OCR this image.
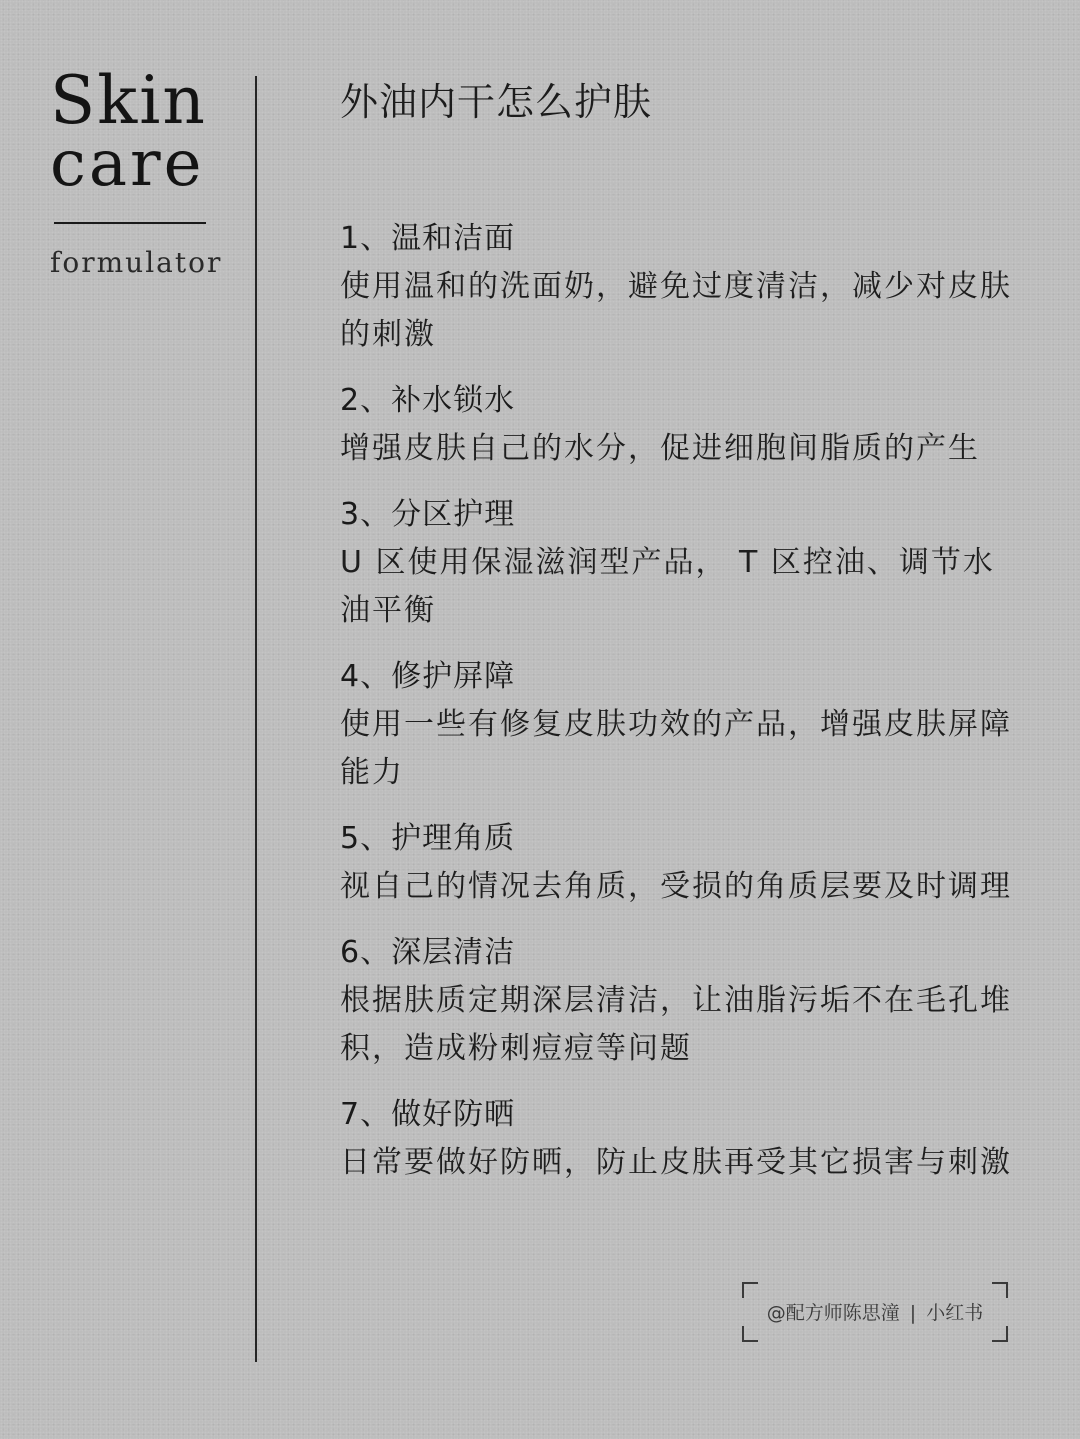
Skin
care
formulator
外油内干怎么护肤
1、温和洁面
使用温和的洗面奶，避免过度清洁，减少对皮肤的刺激
2、补水锁水
增强皮肤自己的水分，促进细胞间脂质的产生
3、分区护理
U 区使用保湿滋润型产品， T 区控油、调节水油平衡
4、修护屏障
使用一些有修复皮肤功效的产品，增强皮肤屏障能力
5、护理角质
视自己的情况去角质，受损的角质层要及时调理
6、深层清洁
根据肤质定期深层清洁，让油脂污垢不在毛孔堆积，造成粉刺痘痘等问题
7、做好防晒
日常要做好防晒，防止皮肤再受其它损害与刺激
@配方师陈思潼 | 小红书
